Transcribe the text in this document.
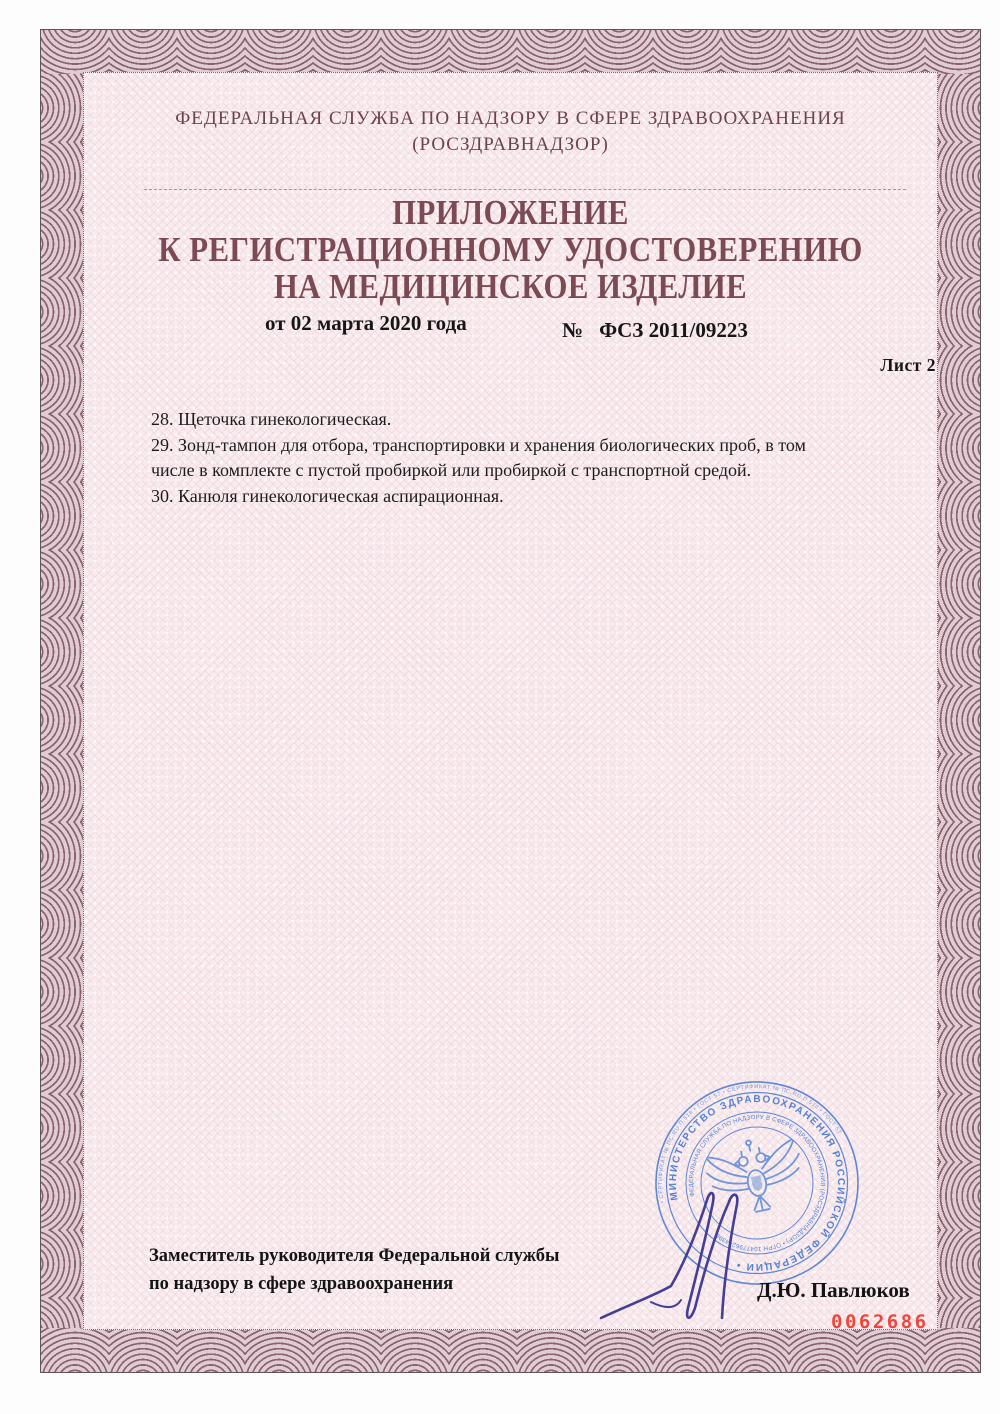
ФЕДЕРАЛЬНАЯ СЛУЖБА ПО НАДЗОРУ В СФЕРЕ ЗДРАВООХРАНЕНИЯ
(РОСЗДРАВНАДЗОР)
ПРИЛОЖЕНИЕ
К РЕГИСТРАЦИОННОМУ УДОСТОВЕРЕНИЮ
НА МЕДИЦИНСКОЕ ИЗДЕЛИЕ
от 02 марта 2020 года	№ ФСЗ 2011/09223
Лист 2
28. Щеточка гинекологическая.
29. Зонд-тампон для отбора, транспортировки и хранения биологических проб, в том
числе в комплекте с пустой пробиркой или пробиркой с транспортной средой.
30. Канюля гинекологическая аспирационная.
• СЕРТИФИКАТ № ПС.RU.П.516 • ГОСТ 57 • СЕРТИФИКАТ № ПС.RU.П.516 • ГОСТ 57
МИНИСТЕРСТВО ЗДРАВООХРАНЕНИЯ РОССИЙСКОЙ ФЕДЕРАЦИИ •
ФЕДЕРАЛЬНАЯ СЛУЖБА ПО НАДЗОРУ В СФЕРЕ ЗДРАВООХРАНЕНИЯ (РОСЗДРАВНАДЗОР) • ОГРН 1047796244396
Заместитель руководителя Федеральной службы
по надзору в сфере здравоохранения	Д.Ю. Павлюков
0062686
